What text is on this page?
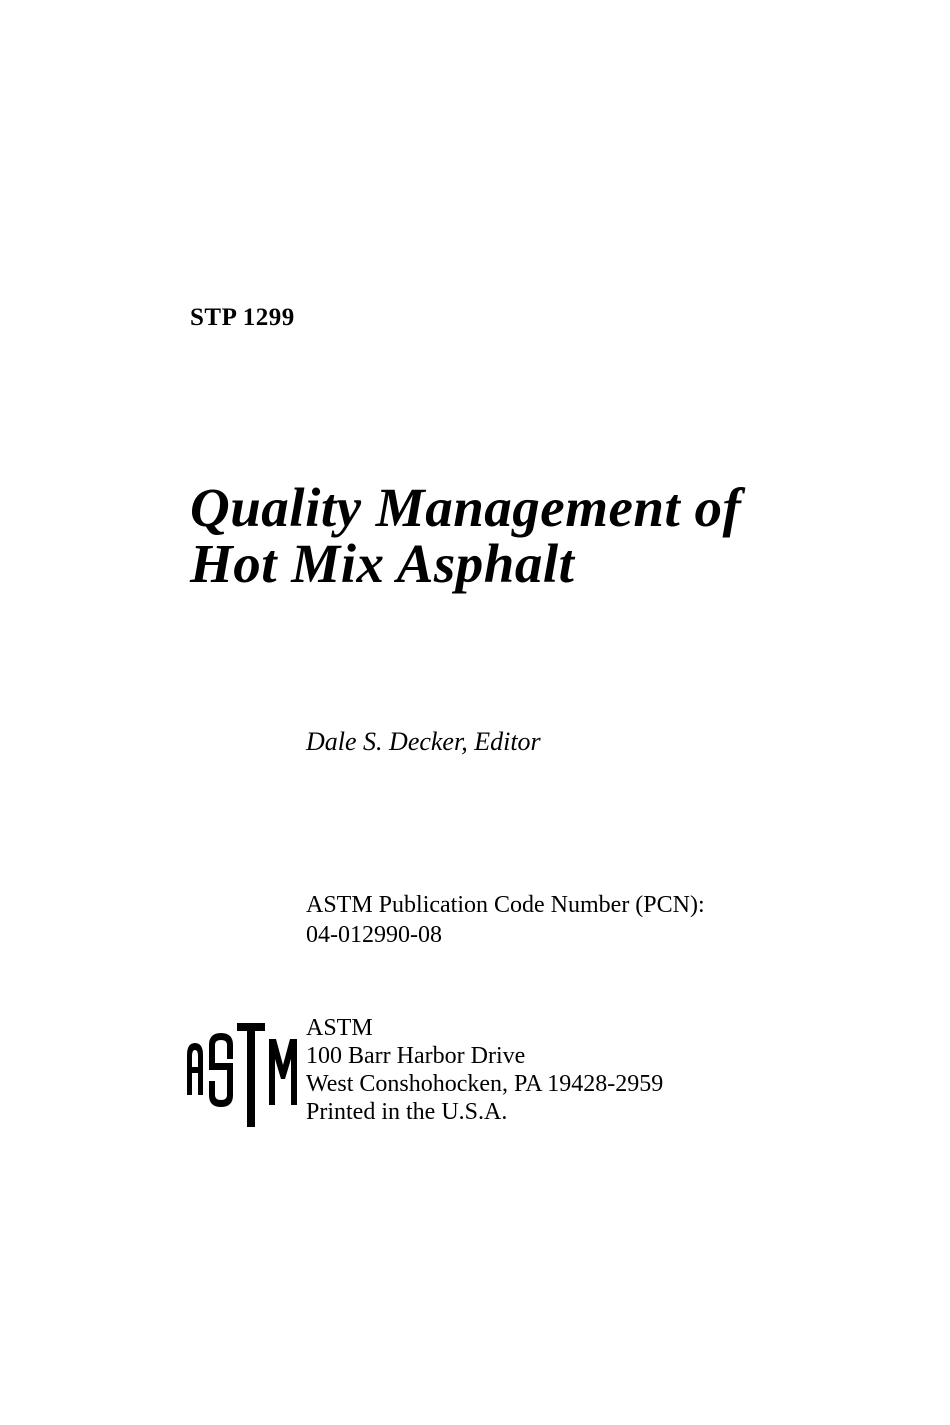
STP 1299
Quality Management of
Hot Mix Asphalt
Dale S. Decker, Editor
ASTM Publication Code Number (PCN):
04-012990-08
ASTM
100 Barr Harbor Drive
West Conshohocken, PA 19428-2959
Printed in the U.S.A.
